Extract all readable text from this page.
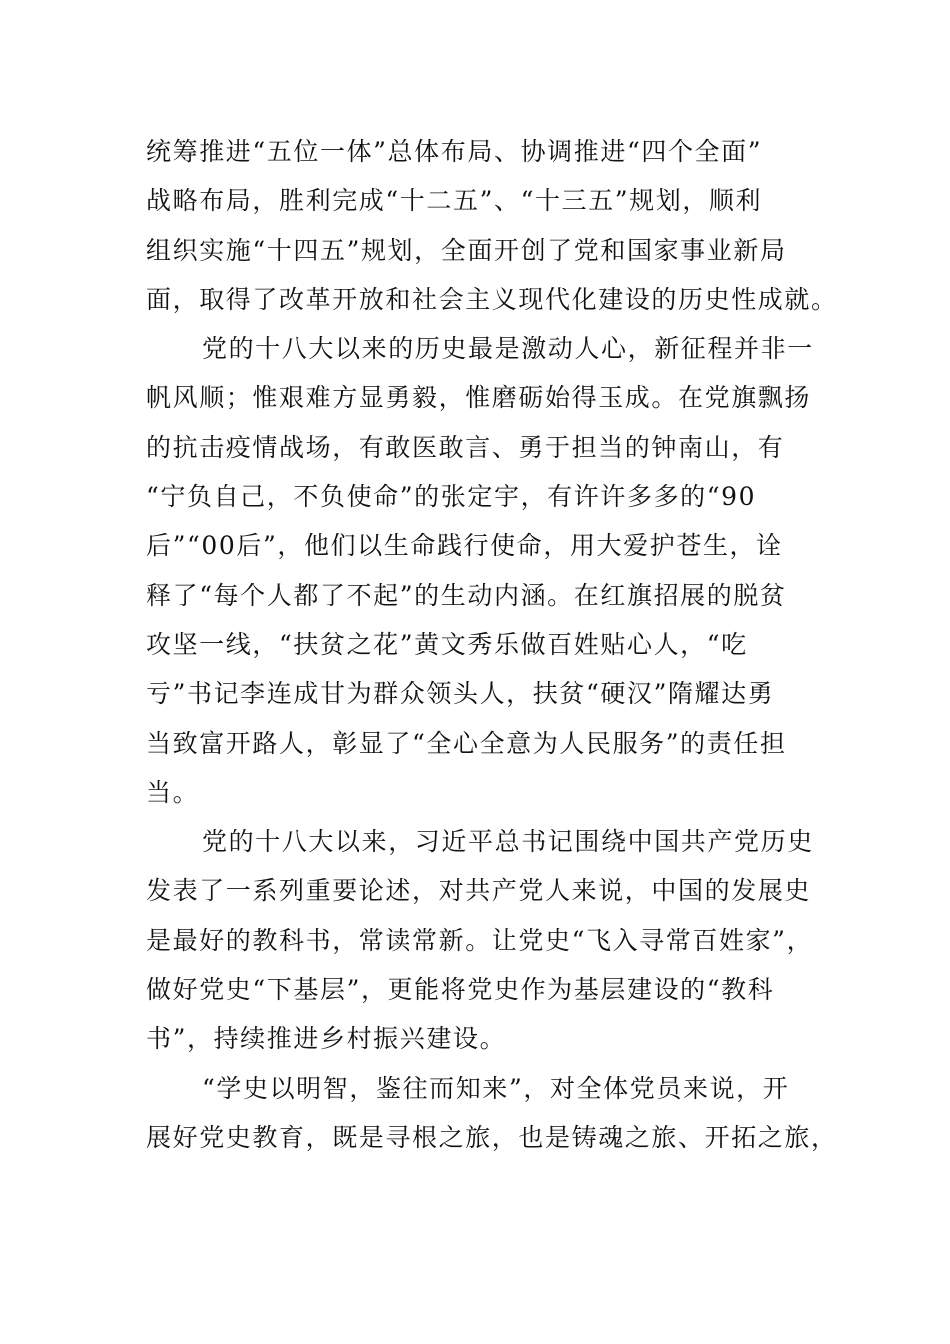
统筹推进“五位一体”总体布局、协调推进“四个全面”
战略布局，胜利完成“十二五”、“十三五”规划，顺利
组织实施“十四五”规划，全面开创了党和国家事业新局
面，取得了改革开放和社会主义现代化建设的历史性成就。
党的十八大以来的历史最是激动人心，新征程并非一
帆风顺；惟艰难方显勇毅，惟磨砺始得玉成。在党旗飘扬
的抗击疫情战场，有敢医敢言、勇于担当的钟南山，有
“宁负自己，不负使命”的张定宇，有许许多多的“90
后”“00后”，他们以生命践行使命，用大爱护苍生，诠
释了“每个人都了不起”的生动内涵。在红旗招展的脱贫
攻坚一线，“扶贫之花”黄文秀乐做百姓贴心人，“吃
亏”书记李连成甘为群众领头人，扶贫“硬汉”隋耀达勇
当致富开路人，彰显了“全心全意为人民服务”的责任担
当。
党的十八大以来，习近平总书记围绕中国共产党历史
发表了一系列重要论述，对共产党人来说，中国的发展史
是最好的教科书，常读常新。让党史“飞入寻常百姓家”，
做好党史“下基层”，更能将党史作为基层建设的“教科
书”，持续推进乡村振兴建设。
“学史以明智，鉴往而知来”，对全体党员来说，开
展好党史教育，既是寻根之旅，也是铸魂之旅、开拓之旅，
